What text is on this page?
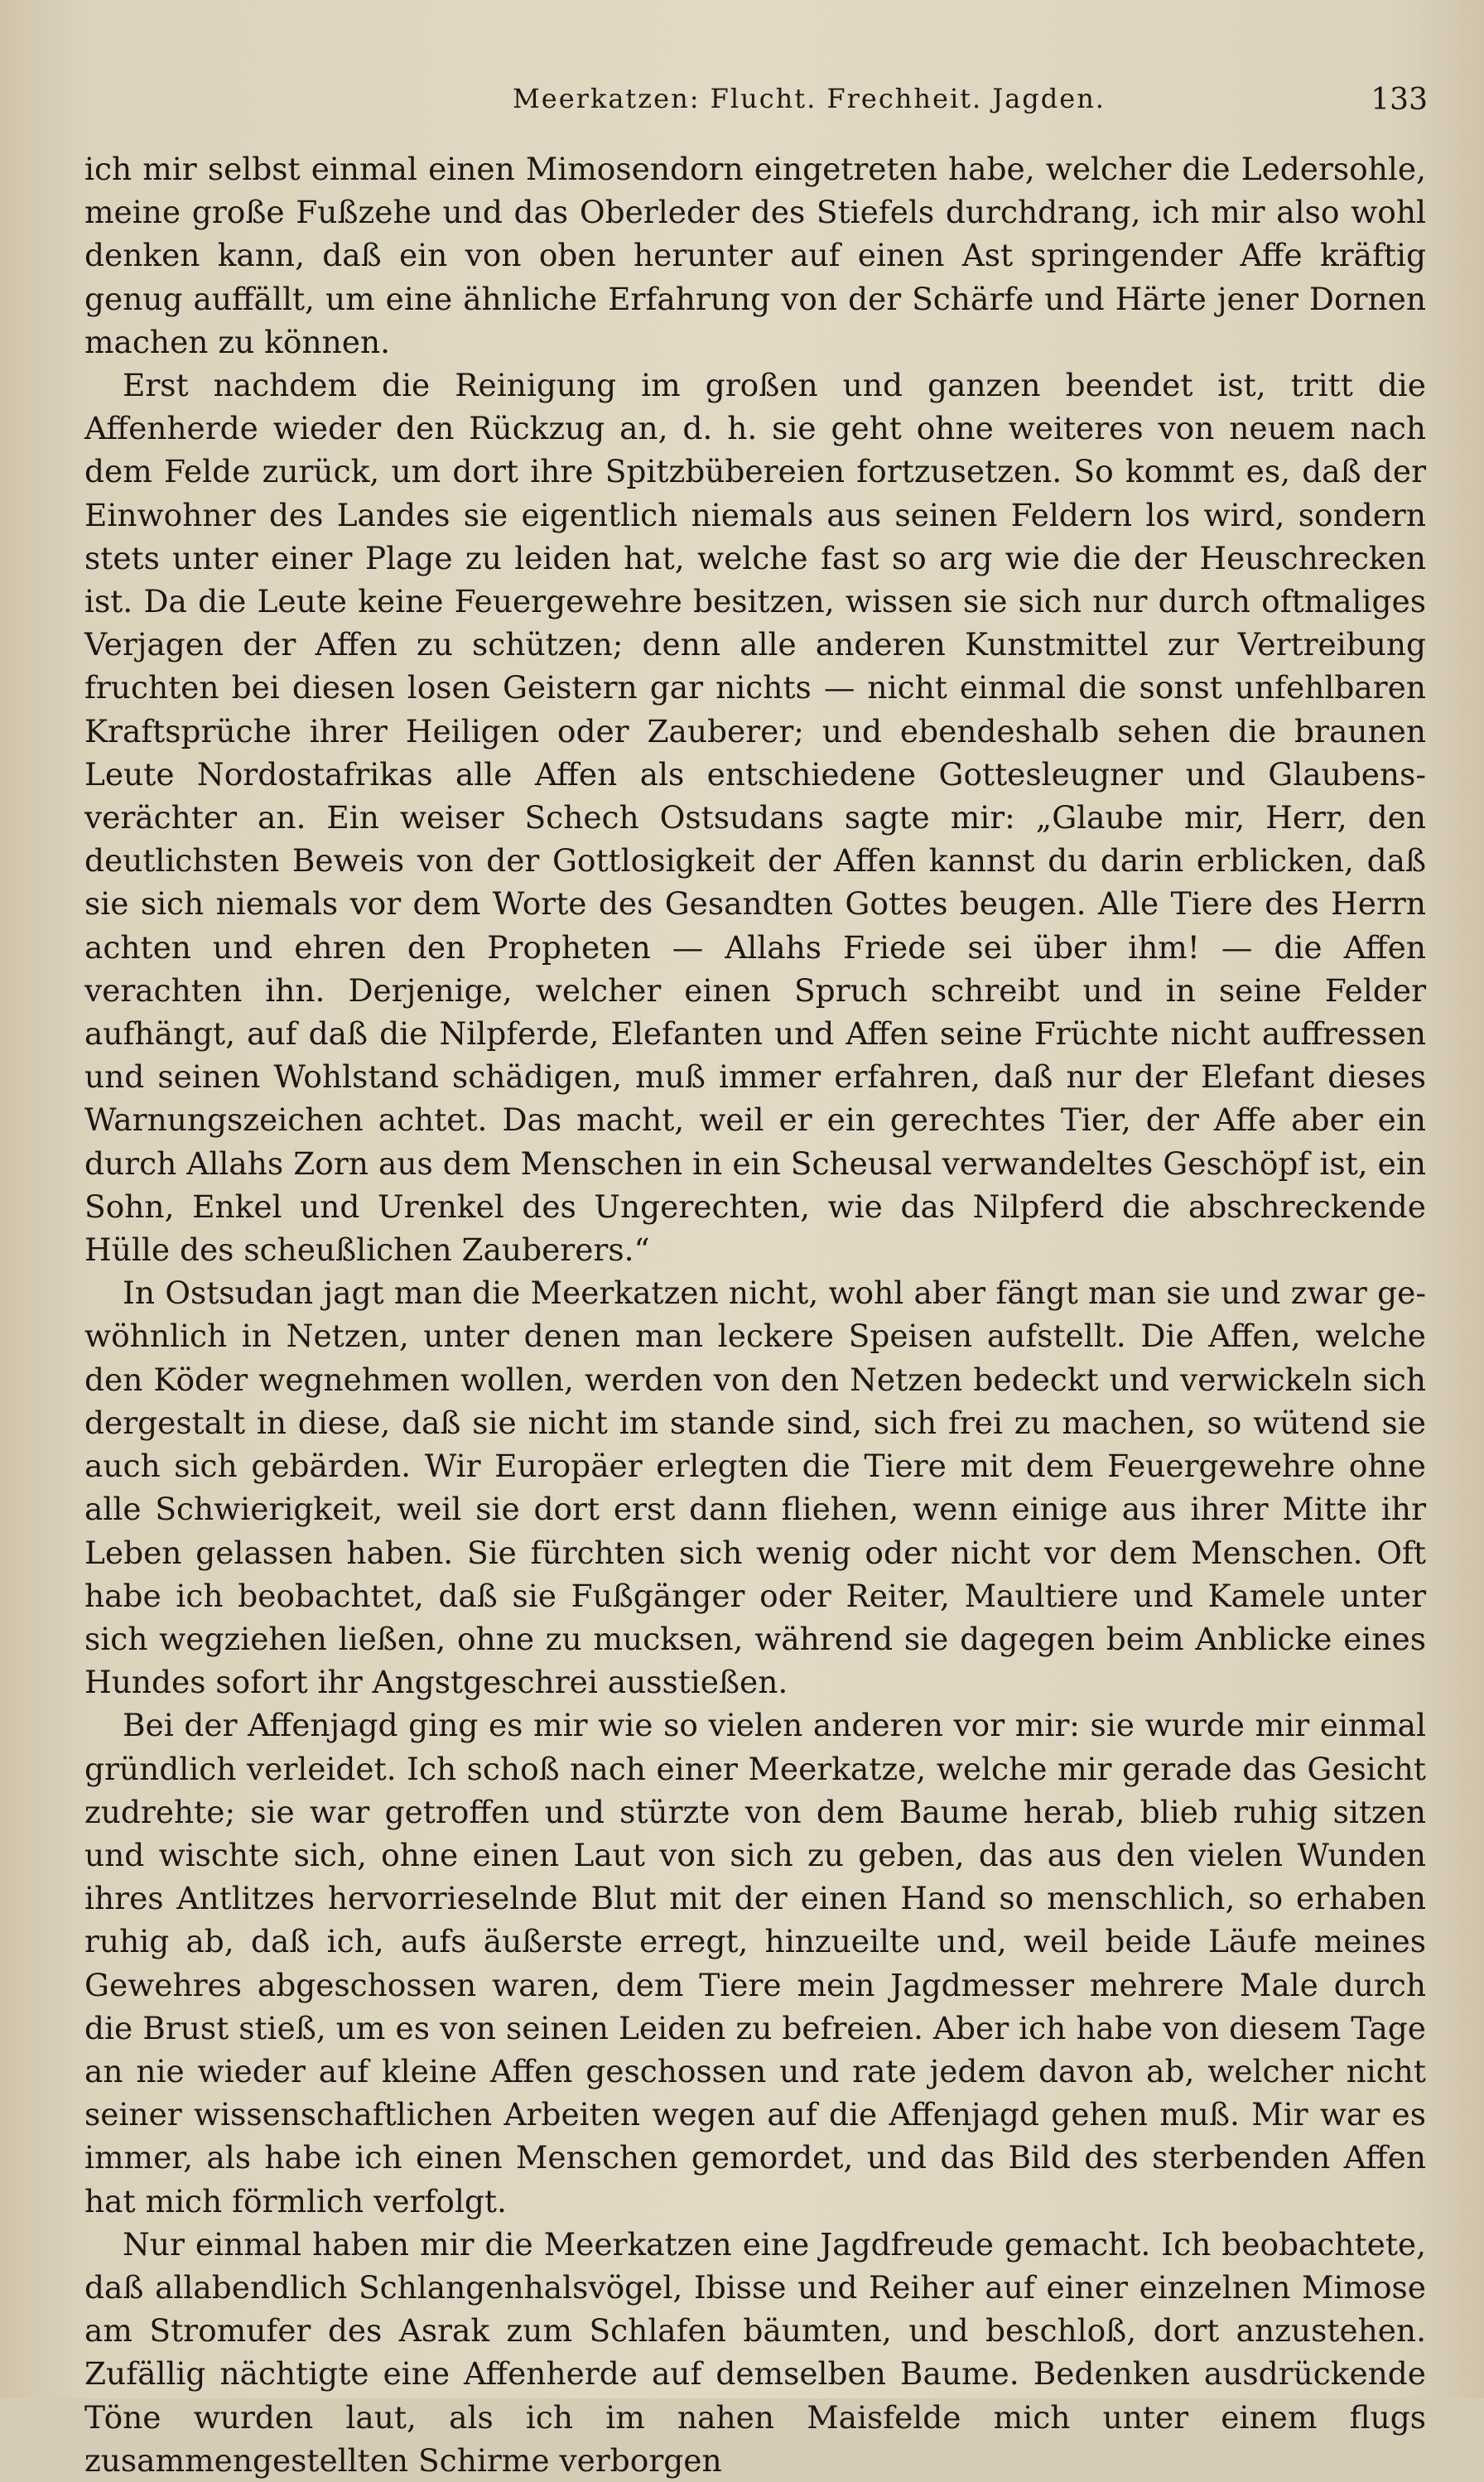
Meerkatzen: Flucht. Frechheit. Jagden.	133

ich mir selbst einmal einen Mimosendorn eingetreten habe, welcher die Ledersohle, meine große Fußzehe und das Oberleder des Stiefels durchdrang, ich mir also wohl denken kann, daß ein von oben herunter auf einen Ast springender Affe kräftig genug auffällt, um eine ähnliche Erfahrung von der Schärfe und Härte jener Dornen machen zu können.

Erst nachdem die Reinigung im großen und ganzen beendet ist, tritt die Affenherde wieder den Rückzug an, d. h. sie geht ohne weiteres von neuem nach dem Felde zurück, um dort ihre Spitzbübereien fortzusetzen. So kommt es, daß der Einwohner des Landes sie eigentlich niemals aus seinen Feldern los wird, sondern stets unter einer Plage zu leiden hat, welche fast so arg wie die der Heuschrecken ist. Da die Leute keine Feuergewehre besitzen, wissen sie sich nur durch oftmaliges Verjagen der Affen zu schützen; denn alle anderen Kunstmittel zur Vertreibung fruchten bei diesen losen Geistern gar nichts — nicht einmal die sonst unfehlbaren Kraftsprüche ihrer Heiligen oder Zauberer; und ebendeshalb sehen die braunen Leute Nordostafrikas alle Affen als entschiedene Gottesleugner und Glaubensverächter an. Ein weiser Schech Ostsudans sagte mir: „Glaube mir, Herr, den deutlichsten Beweis von der Gottlosigkeit der Affen kannst du darin erblicken, daß sie sich niemals vor dem Worte des Gesandten Gottes beugen. Alle Tiere des Herrn achten und ehren den Propheten — Allahs Friede sei über ihm! — die Affen verachten ihn. Derjenige, welcher einen Spruch schreibt und in seine Felder aufhängt, auf daß die Nilpferde, Elefanten und Affen seine Früchte nicht auffressen und seinen Wohlstand schädigen, muß immer erfahren, daß nur der Elefant dieses Warnungszeichen achtet. Das macht, weil er ein gerechtes Tier, der Affe aber ein durch Allahs Zorn aus dem Menschen in ein Scheusal verwandeltes Geschöpf ist, ein Sohn, Enkel und Urenkel des Ungerechten, wie das Nilpferd die abschreckende Hülle des scheußlichen Zauberers.“

In Ostsudan jagt man die Meerkatzen nicht, wohl aber fängt man sie und zwar gewöhnlich in Netzen, unter denen man leckere Speisen aufstellt. Die Affen, welche den Köder wegnehmen wollen, werden von den Netzen bedeckt und verwickeln sich dergestalt in diese, daß sie nicht im stande sind, sich frei zu machen, so wütend sie auch sich gebärden. Wir Europäer erlegten die Tiere mit dem Feuergewehre ohne alle Schwierigkeit, weil sie dort erst dann fliehen, wenn einige aus ihrer Mitte ihr Leben gelassen haben. Sie fürchten sich wenig oder nicht vor dem Menschen. Oft habe ich beobachtet, daß sie Fußgänger oder Reiter, Maultiere und Kamele unter sich wegziehen ließen, ohne zu mucksen, während sie dagegen beim Anblicke eines Hundes sofort ihr Angstgeschrei ausstießen.

Bei der Affenjagd ging es mir wie so vielen anderen vor mir: sie wurde mir einmal gründlich verleidet. Ich schoß nach einer Meerkatze, welche mir gerade das Gesicht zudrehte; sie war getroffen und stürzte von dem Baume herab, blieb ruhig sitzen und wischte sich, ohne einen Laut von sich zu geben, das aus den vielen Wunden ihres Antlitzes hervorrieselnde Blut mit der einen Hand so menschlich, so erhaben ruhig ab, daß ich, aufs äußerste erregt, hinzueilte und, weil beide Läufe meines Gewehres abgeschossen waren, dem Tiere mein Jagdmesser mehrere Male durch die Brust stieß, um es von seinen Leiden zu befreien. Aber ich habe von diesem Tage an nie wieder auf kleine Affen geschossen und rate jedem davon ab, welcher nicht seiner wissenschaftlichen Arbeiten wegen auf die Affenjagd gehen muß. Mir war es immer, als habe ich einen Menschen gemordet, und das Bild des sterbenden Affen hat mich förmlich verfolgt.

Nur einmal haben mir die Meerkatzen eine Jagdfreude gemacht. Ich beobachtete, daß allabendlich Schlangenhalsvögel, Ibisse und Reiher auf einer einzelnen Mimose am Stromufer des Asrak zum Schlafen bäumten, und beschloß, dort anzustehen. Zufällig nächtigte eine Affenherde auf demselben Baume. Bedenken ausdrückende Töne wurden laut, als ich im nahen Maisfelde mich unter einem flugs zusammengestellten Schirme verborgen
